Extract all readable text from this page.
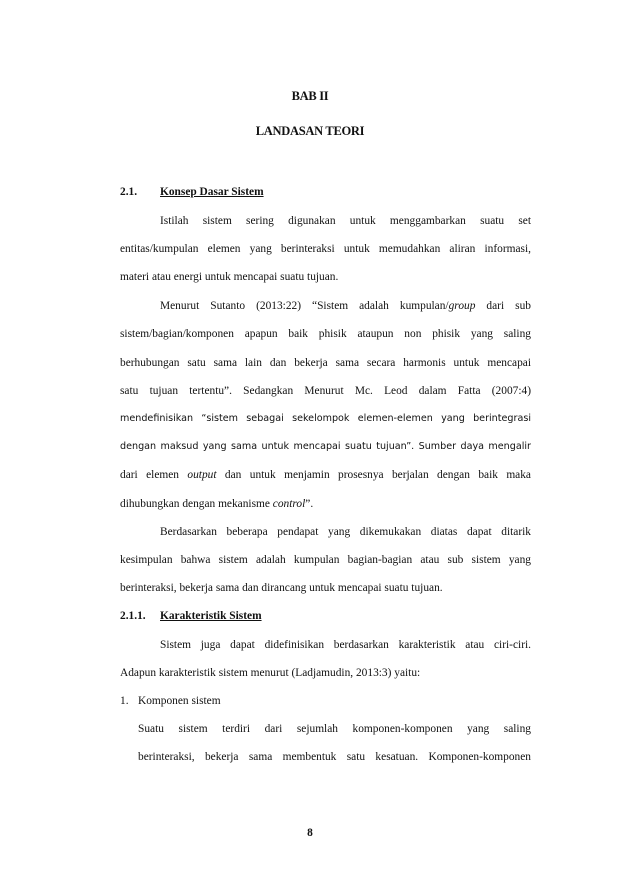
BAB II
LANDASAN TEORI
2.1. Konsep Dasar Sistem
Istilah sistem sering digunakan untuk menggambarkan suatu set
entitas/kumpulan elemen yang berinteraksi untuk memudahkan aliran informasi,
materi atau energi untuk mencapai suatu tujuan.
Menurut Sutanto (2013:22) “Sistem adalah kumpulan/group dari sub
sistem/bagian/komponen apapun baik phisik ataupun non phisik yang saling
berhubungan satu sama lain dan bekerja sama secara harmonis untuk mencapai
satu tujuan tertentu”. Sedangkan Menurut Mc. Leod dalam Fatta (2007:4)
mendefinisikan “sistem sebagai sekelompok elemen-elemen yang berintegrasi
dengan maksud yang sama untuk mencapai suatu tujuan”. Sumber daya mengalir
dari elemen output dan untuk menjamin prosesnya berjalan dengan baik maka
dihubungkan dengan mekanisme control”.
Berdasarkan beberapa pendapat yang dikemukakan diatas dapat ditarik
kesimpulan bahwa sistem adalah kumpulan bagian-bagian atau sub sistem yang
berinteraksi, bekerja sama dan dirancang untuk mencapai suatu tujuan.
2.1.1. Karakteristik Sistem
Sistem juga dapat didefinisikan berdasarkan karakteristik atau ciri-ciri.
Adapun karakteristik sistem menurut (Ladjamudin, 2013:3) yaitu:
1. Komponen sistem
Suatu sistem terdiri dari sejumlah komponen-komponen yang saling
berinteraksi, bekerja sama membentuk satu kesatuan. Komponen-komponen
8
